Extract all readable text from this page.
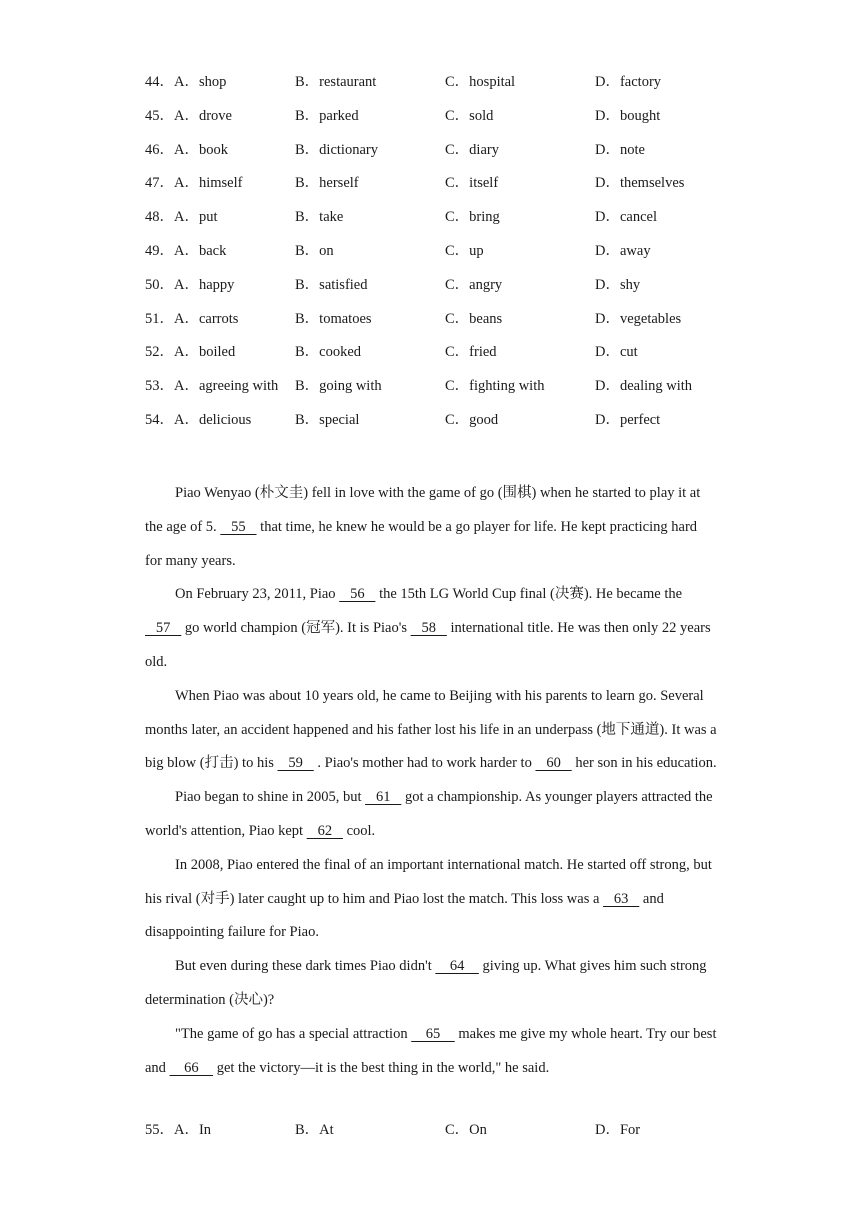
44．A．shop	B．restaurant	C．hospital	D．factory
45．A．drove	B．parked	C．sold	D．bought
46．A．book	B．dictionary	C．diary	D．note
47．A．himself	B．herself	C．itself	D．themselves
48．A．put	B．take	C．bring	D．cancel
49．A．back	B．on	C．up	D．away
50．A．happy	B．satisfied	C．angry	D．shy
51．A．carrots	B．tomatoes	C．beans	D．vegetables
52．A．boiled	B．cooked	C．fried	D．cut
53．A．agreeing with B．going with	C．fighting with	D．dealing with
54．A．delicious	B．special	C．good	D．perfect

Piao Wenyao (朴文圭) fell in love with the game of go (围棋) when he started to play it at the age of 5.    55    that time, he knew he would be a go player for life. He kept practicing hard for many years.

On February 23, 2011, Piao    56    the 15th LG World Cup final (决赛). He became the    57    go world champion (冠军). It is Piao's    58    international title. He was then only 22 years old.

When Piao was about 10 years old, he came to Beijing with his parents to learn go. Several months later, an accident happened and his father lost his life in an underpass (地下通道). It was a big blow (打击) to his    59    . Piao's mother had to work harder to    60    her son in his education.

Piao began to shine in 2005, but    61    got a championship. As younger players attracted the world's attention, Piao kept    62    cool.

In 2008, Piao entered the final of an important international match. He started off strong, but his rival (对手) later caught up to him and Piao lost the match. This loss was a    63    and disappointing failure for Piao.

But even during these dark times Piao didn't     64     giving up. What gives him such strong determination (决心)?

"The game of go has a special attraction     65     makes me give my whole heart. Try our best and     66     get the victory—it is the best thing in the world," he said.

55．A．In	B．At	C．On	D．For
